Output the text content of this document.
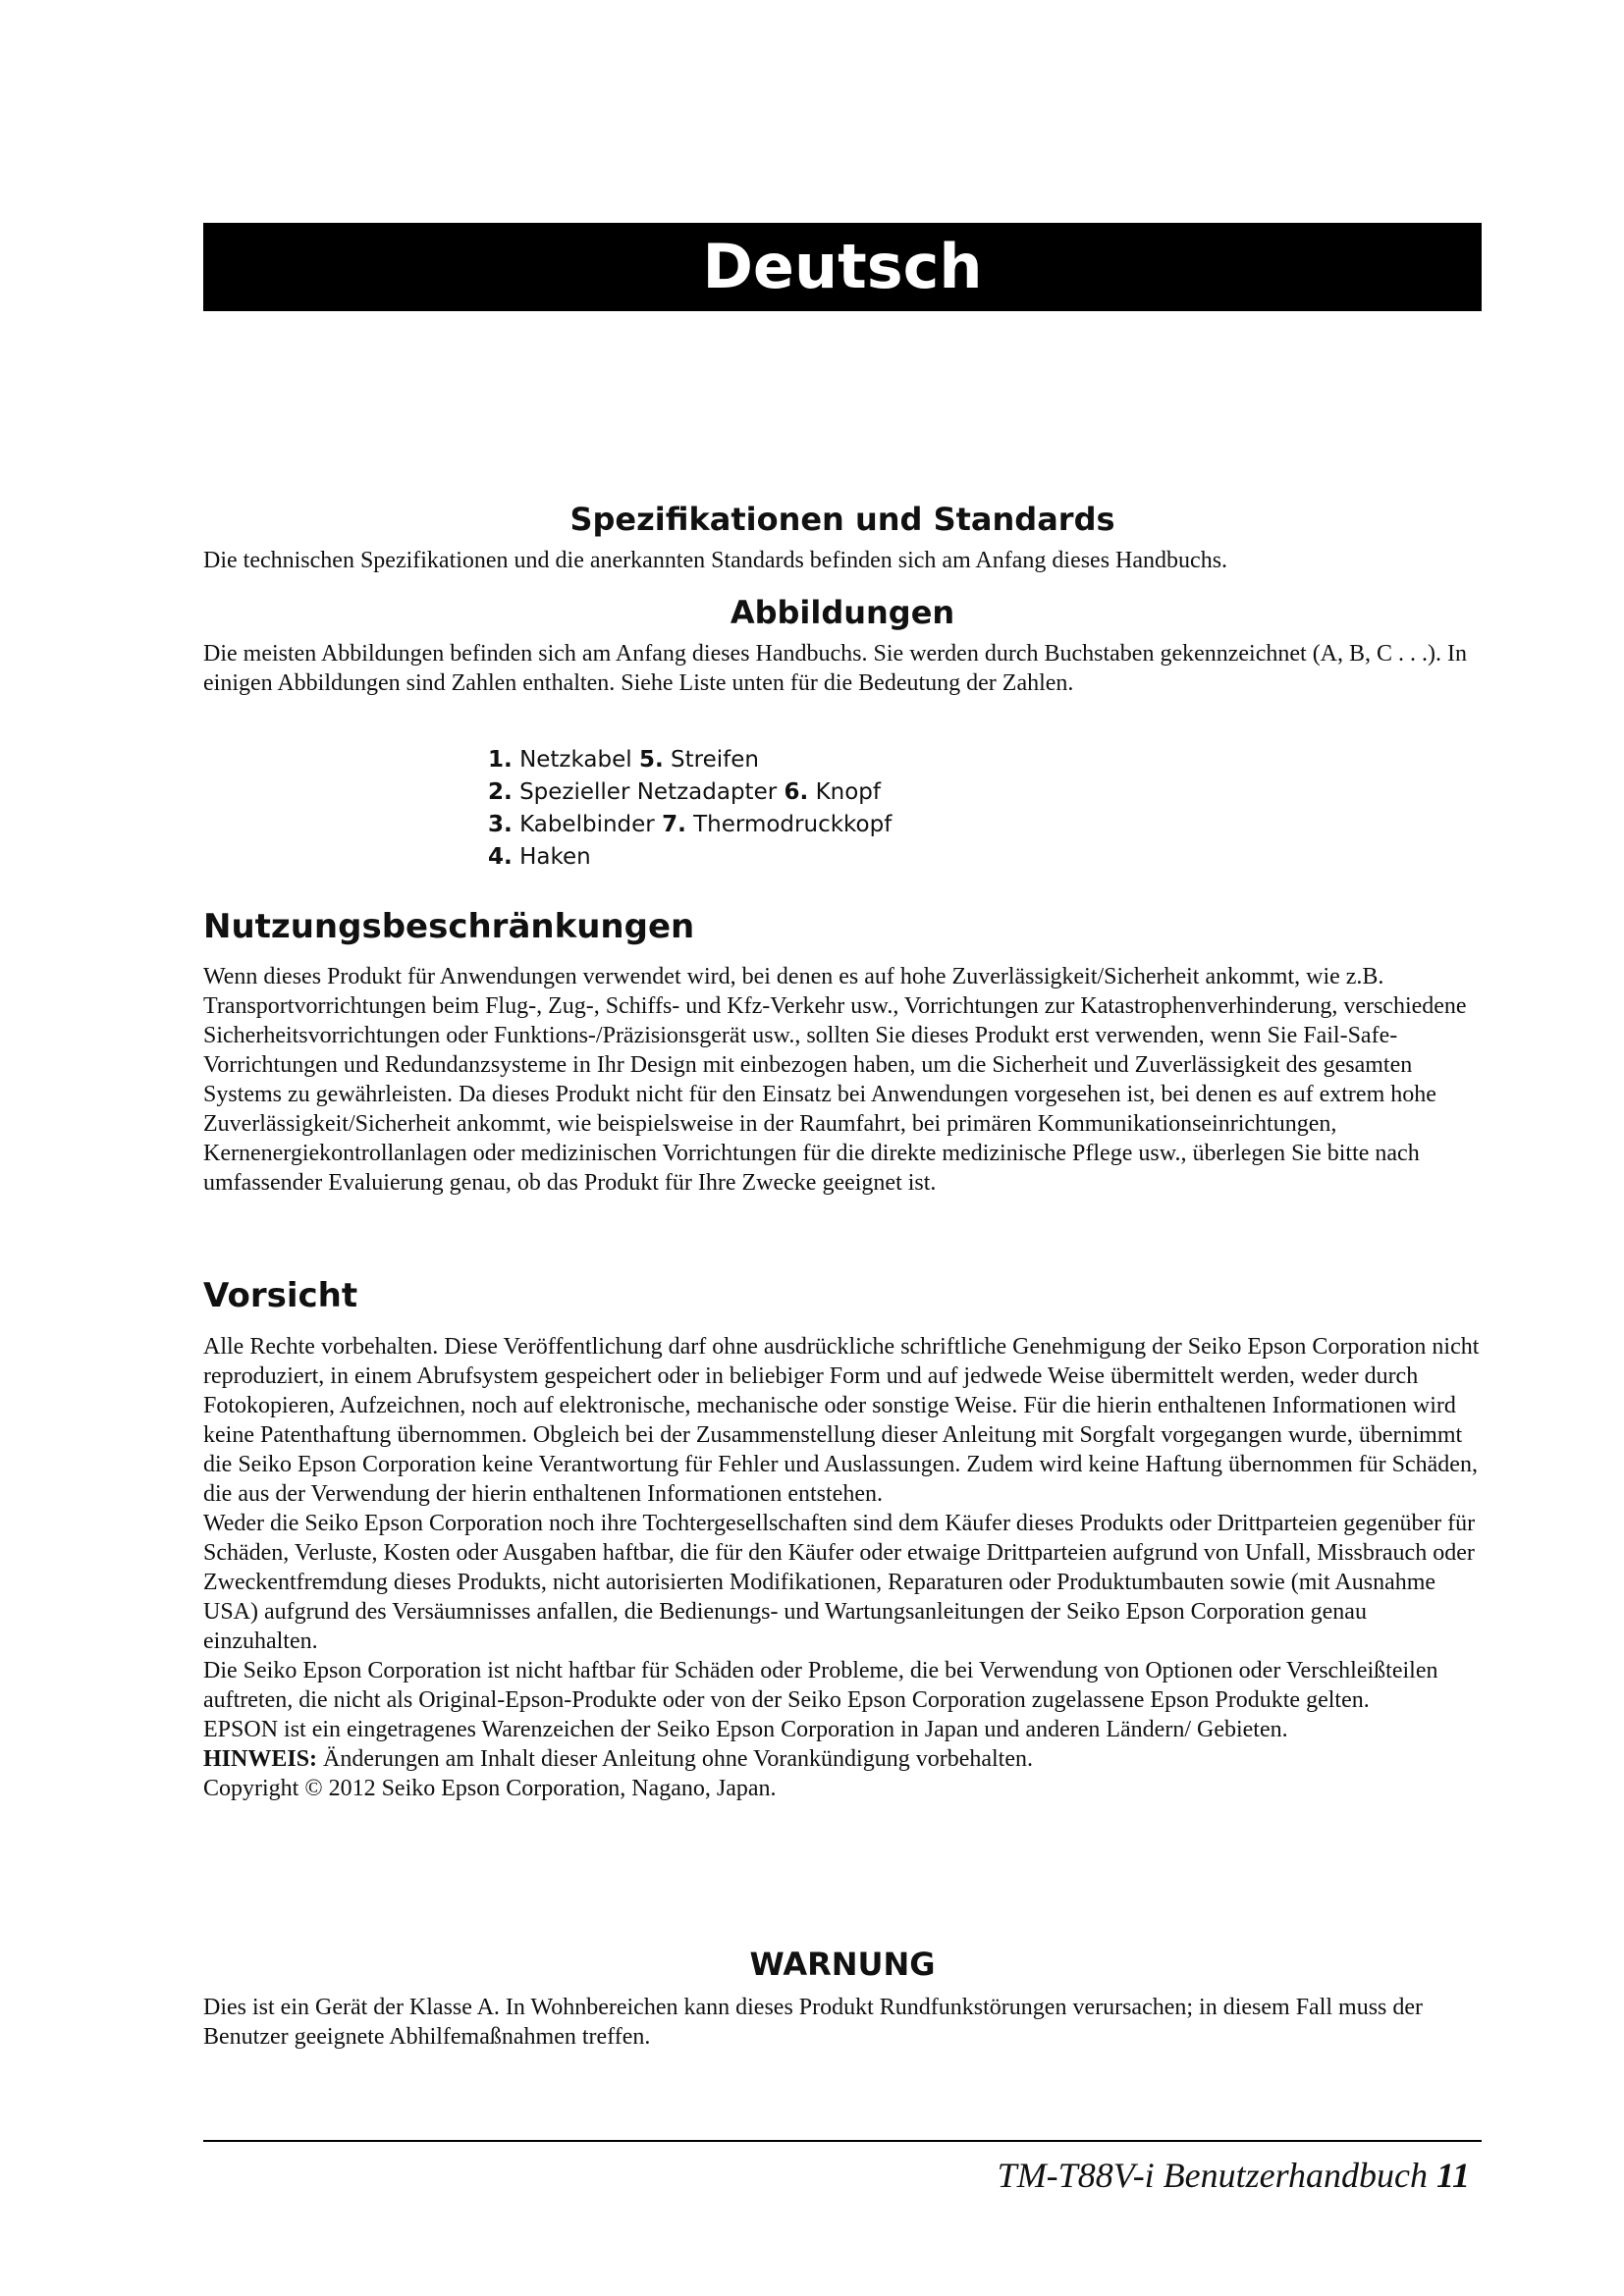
Deutsch
Spezifikationen und Standards

Die technischen Spezifikationen und die anerkannten Standards befinden sich am Anfang dieses Handbuchs.

Abbildungen

Die meisten Abbildungen befinden sich am Anfang dieses Handbuchs. Sie werden durch Buchstaben gekennzeichnet (A, B, C . . .). In einigen Abbildungen sind Zahlen enthalten. Siehe Liste unten für die Bedeutung der Zahlen.

1. Netzkabel 5. Streifen
2. Spezieller Netzadapter 6. Knopf
3. Kabelbinder 7. Thermodruckkopf
4. Haken
Nutzungsbeschränkungen

Wenn dieses Produkt für Anwendungen verwendet wird, bei denen es auf hohe Zuverlässigkeit/Sicherheit ankommt, wie z.B. Transportvorrichtungen beim Flug-, Zug-, Schiffs- und Kfz-Verkehr usw., Vorrichtungen zur Katastrophenverhinderung, verschiedene Sicherheitsvorrichtungen oder Funktions-/Präzisionsgerät usw., sollten Sie dieses Produkt erst verwenden, wenn Sie Fail-Safe-Vorrichtungen und Redundanzsysteme in Ihr Design mit einbezogen haben, um die Sicherheit und Zuverlässigkeit des gesamten Systems zu gewährleisten. Da dieses Produkt nicht für den Einsatz bei Anwendungen vorgesehen ist, bei denen es auf extrem hohe Zuverlässigkeit/Sicherheit ankommt, wie beispielsweise in der Raumfahrt, bei primären Kommunikationseinrichtungen, Kernenergiekontrollanlagen oder medizinischen Vorrichtungen für die direkte medizinische Pflege usw., überlegen Sie bitte nach umfassender Evaluierung genau, ob das Produkt für Ihre Zwecke geeignet ist.

Vorsicht

Alle Rechte vorbehalten. Diese Veröffentlichung darf ohne ausdrückliche schriftliche Genehmigung der Seiko Epson Corporation nicht reproduziert, in einem Abrufsystem gespeichert oder in beliebiger Form und auf jedwede Weise übermittelt werden, weder durch Fotokopieren, Aufzeichnen, noch auf elektronische, mechanische oder sonstige Weise. Für die hierin enthaltenen Informationen wird keine Patenthaftung übernommen. Obgleich bei der Zusammenstellung dieser Anleitung mit Sorgfalt vorgegangen wurde, übernimmt die Seiko Epson Corporation keine Verantwortung für Fehler und Auslassungen. Zudem wird keine Haftung übernommen für Schäden, die aus der Verwendung der hierin enthaltenen Informationen entstehen.

Weder die Seiko Epson Corporation noch ihre Tochtergesellschaften sind dem Käufer dieses Produkts oder Drittparteien gegenüber für Schäden, Verluste, Kosten oder Ausgaben haftbar, die für den Käufer oder etwaige Drittparteien aufgrund von Unfall, Missbrauch oder Zweckentfremdung dieses Produkts, nicht autorisierten Modifikationen, Reparaturen oder Produktumbauten sowie (mit Ausnahme USA) aufgrund des Versäumnisses anfallen, die Bedienungs- und Wartungsanleitungen der Seiko Epson Corporation genau einzuhalten.

Die Seiko Epson Corporation ist nicht haftbar für Schäden oder Probleme, die bei Verwendung von Optionen oder Verschleißteilen auftreten, die nicht als Original-Epson-Produkte oder von der Seiko Epson Corporation zugelassene Epson Produkte gelten.

EPSON ist ein eingetragenes Warenzeichen der Seiko Epson Corporation in Japan und anderen Ländern/ Gebieten.

HINWEIS: Änderungen am Inhalt dieser Anleitung ohne Vorankündigung vorbehalten.

Copyright © 2012 Seiko Epson Corporation, Nagano, Japan.

WARNUNG

Dies ist ein Gerät der Klasse A. In Wohnbereichen kann dieses Produkt Rundfunkstörungen verursachen; in diesem Fall muss der Benutzer geeignete Abhilfemaßnahmen treffen.

TM-T88V-i Benutzerhandbuch 11
